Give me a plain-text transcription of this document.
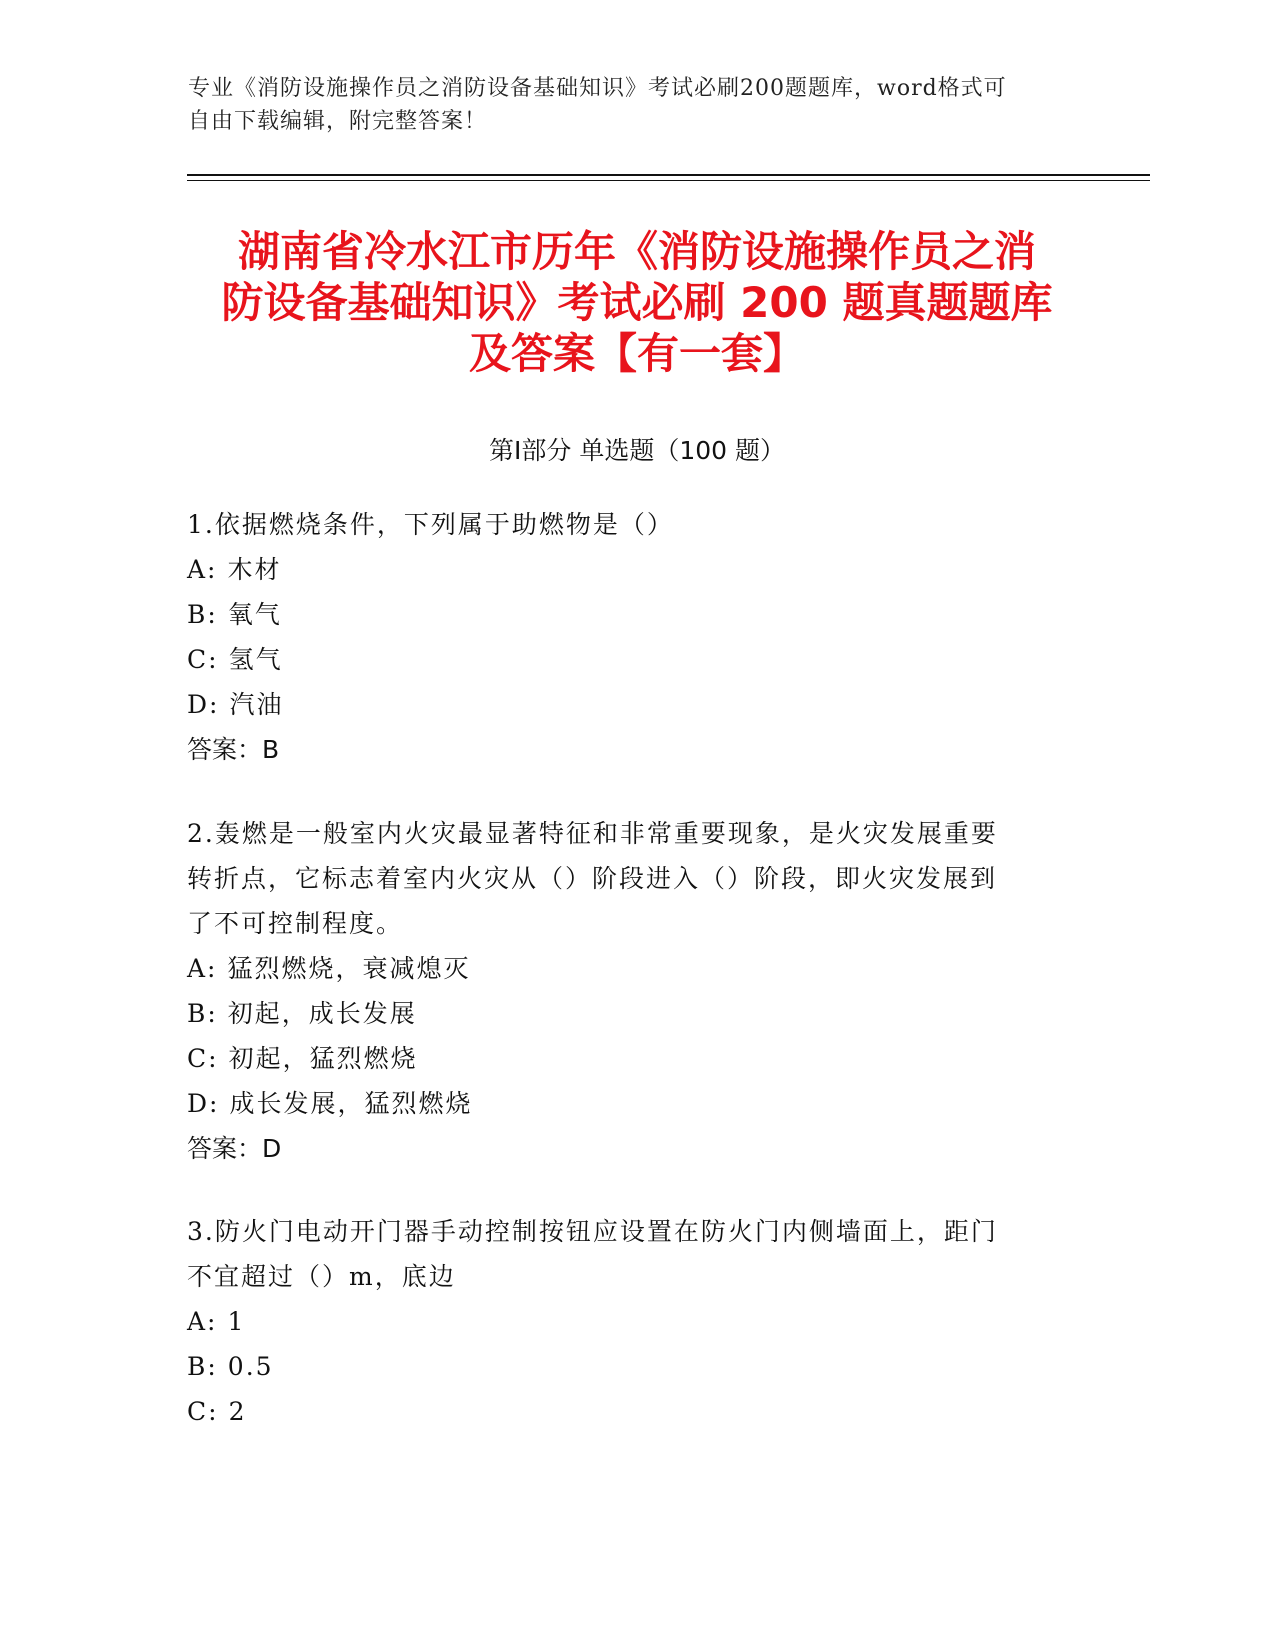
专业《消防设施操作员之消防设备基础知识》考试必刷200题题库，word格式可
自由下载编辑，附完整答案！
湖南省冷水江市历年《消防设施操作员之消
防设备基础知识》考试必刷 200 题真题题库
及答案【有一套】
第Ⅰ部分 单选题（100 题）
1.依据燃烧条件，下列属于助燃物是（）
A: 木材
B: 氧气
C: 氢气
D: 汽油
答案：B
2.轰燃是一般室内火灾最显著特征和非常重要现象，是火灾发展重要
转折点，它标志着室内火灾从（）阶段进入（）阶段，即火灾发展到
了不可控制程度。
A: 猛烈燃烧，衰减熄灭
B: 初起，成长发展
C: 初起，猛烈燃烧
D: 成长发展，猛烈燃烧
答案：D
3.防火门电动开门器手动控制按钮应设置在防火门内侧墙面上，距门
不宜超过（）m，底边
A: 1
B: 0.5
C: 2
